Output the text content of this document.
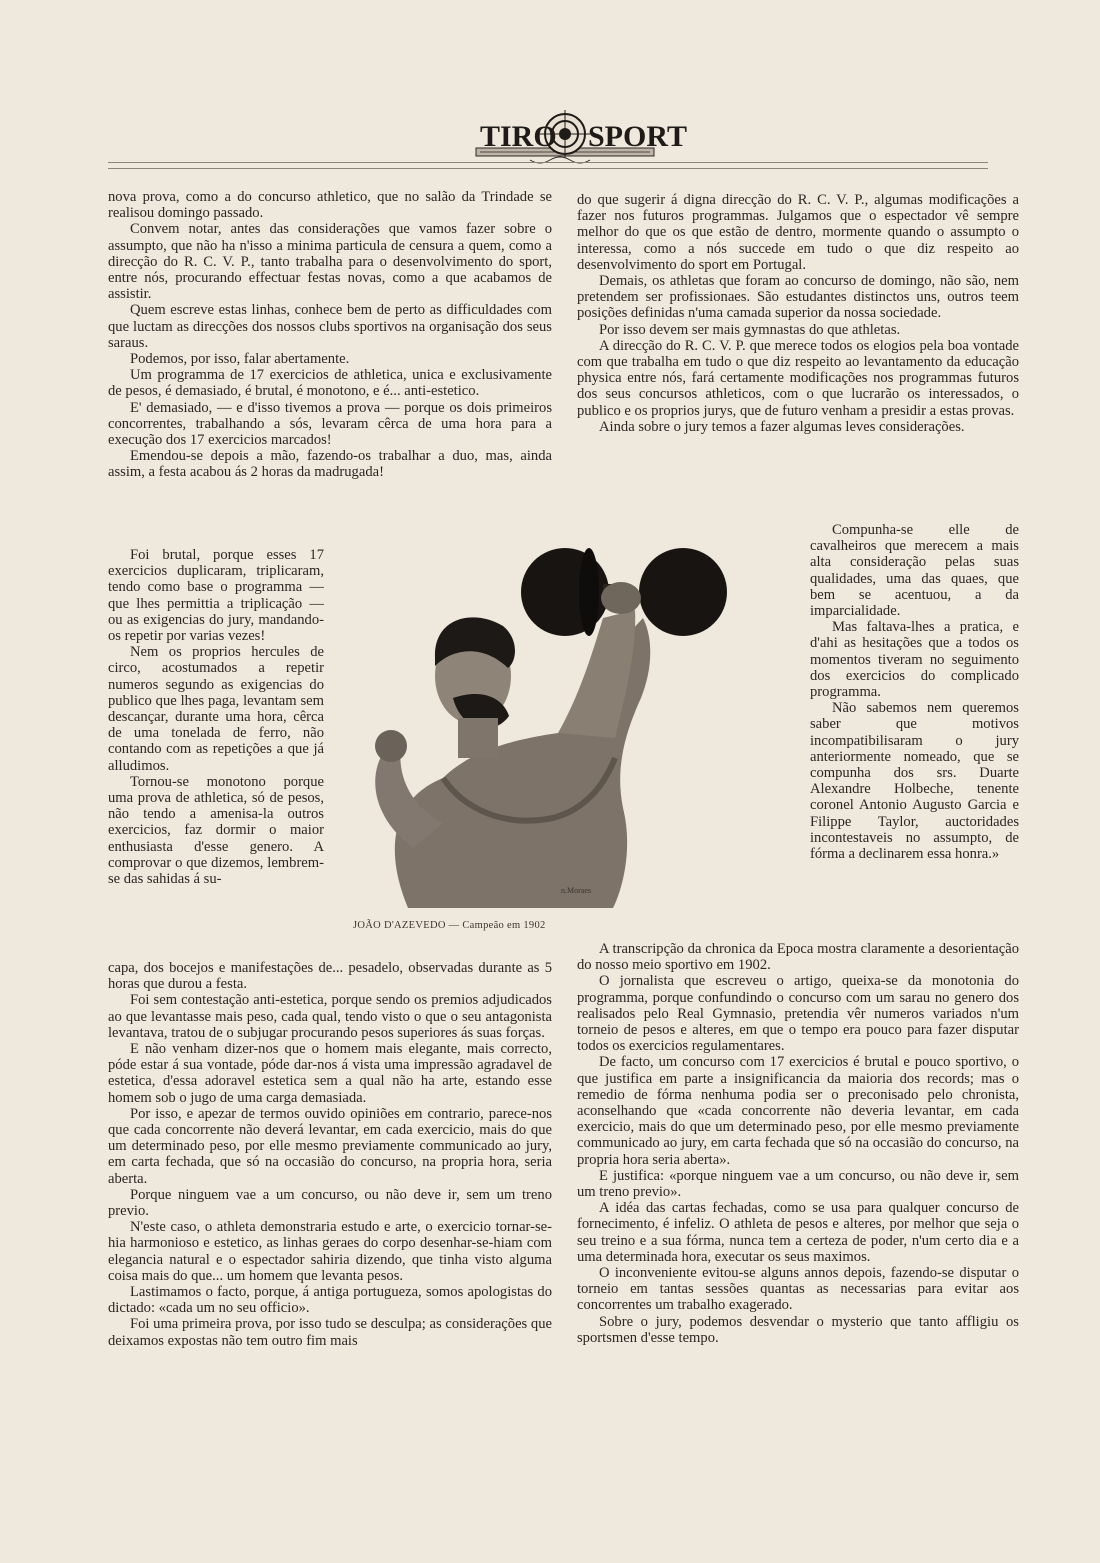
TIRO SPORT

nova prova, como a do concurso athletico, que no salão da Trindade se realisou domingo passado.

Convem notar, antes das considerações que vamos fazer sobre o assumpto, que não ha n'isso a minima particula de censura a quem, como a direcção do R. C. V. P., tanto trabalha para o desenvolvimento do sport, entre nós, procurando effectuar festas novas, como a que acabamos de assistir.

Quem escreve estas linhas, conhece bem de perto as difficuldades com que luctam as direcções dos nossos clubs sportivos na organisação dos seus saraus.

Podemos, por isso, falar abertamente.

Um programma de 17 exercicios de athletica, unica e exclusivamente de pesos, é demasiado, é brutal, é monotono, e é... anti-estetico.

E' demasiado, — e d'isso tivemos a prova — porque os dois primeiros concorrentes, trabalhando a sós, levaram cêrca de uma hora para a execução dos 17 exercicios marcados!

Emendou-se depois a mão, fazendo-os trabalhar a duo, mas, ainda assim, a festa acabou ás 2 horas da madrugada!

Foi brutal, porque esses 17 exercicios duplicaram, triplicaram, tendo como base o programma — que lhes permittia a triplicação — ou as exigencias do jury, mandando-os repetir por varias vezes!

Nem os proprios hercules de circo, acostumados a repetir numeros segundo as exigencias do publico que lhes paga, levantam sem descançar, durante uma hora, cêrca de uma tonelada de ferro, não contando com as repetições a que já alludimos.

Tornou-se monotono porque uma prova de athletica, só de pesos, não tendo a amenisa-la outros exercicios, faz dormir o maior enthusiasta d'esse genero. A comprovar o que dizemos, lembrem-se das sahidas á su-

n.Moraes
JOÃO D'AZEVEDO — Campeão em 1902

capa, dos bocejos e manifestações de... pesadelo, observadas durante as 5 horas que durou a festa.

Foi sem contestação anti-estetica, porque sendo os premios adjudicados ao que levantasse mais peso, cada qual, tendo visto o que o seu antagonista levantava, tratou de o subjugar procurando pesos superiores ás suas forças.

E não venham dizer-nos que o homem mais elegante, mais correcto, póde estar á sua vontade, póde dar-nos á vista uma impressão agradavel de estetica, d'essa adoravel estetica sem a qual não ha arte, estando esse homem sob o jugo de uma carga demasiada.

Por isso, e apezar de termos ouvido opiniões em contrario, parece-nos que cada concorrente não deverá levantar, em cada exercicio, mais do que um determinado peso, por elle mesmo previamente communicado ao jury, em carta fechada, que só na occasião do concurso, na propria hora, seria aberta.

Porque ninguem vae a um concurso, ou não deve ir, sem um treno previo.

N'este caso, o athleta demonstraria estudo e arte, o exercicio tornar-se-hia harmonioso e estetico, as linhas geraes do corpo desenhar-se-hiam com elegancia natural e o espectador sahiria dizendo, que tinha visto alguma coisa mais do que... um homem que levanta pesos.

Lastimamos o facto, porque, á antiga portugueza, somos apologistas do dictado: «cada um no seu officio».

Foi uma primeira prova, por isso tudo se desculpa; as considerações que deixamos expostas não tem outro fim mais

do que sugerir á digna direcção do R. C. V. P., algumas modificações a fazer nos futuros programmas. Julgamos que o espectador vê sempre melhor do que os que estão de dentro, mormente quando o assumpto o interessa, como a nós succede em tudo o que diz respeito ao desenvolvimento do sport em Portugal.

Demais, os athletas que foram ao concurso de domingo, não são, nem pretendem ser profissionaes. São estudantes distinctos uns, outros teem posições definidas n'uma camada superior da nossa sociedade.

Por isso devem ser mais gymnastas do que athletas.

A direcção do R. C. V. P. que merece todos os elogios pela boa vontade com que trabalha em tudo o que diz respeito ao levantamento da educação physica entre nós, fará certamente modificações nos programmas futuros dos seus concursos athleticos, com o que lucrarão os interessados, o publico e os proprios jurys, que de futuro venham a presidir a estas provas.

Ainda sobre o jury temos a fazer algumas leves considerações.

Compunha-se elle de cavalheiros que merecem a mais alta consideração pelas suas qualidades, uma das quaes, que bem se acentuou, a da imparcialidade.

Mas faltava-lhes a pratica, e d'ahi as hesitações que a todos os momentos tiveram no seguimento dos exercicios do complicado programma.

Não sabemos nem queremos saber que motivos incompatibilisaram o jury anteriormente nomeado, que se compunha dos srs. Duarte Alexandre Holbeche, tenente coronel Antonio Augusto Garcia e Filippe Taylor, auctoridades incontestaveis no assumpto, de fórma a declinarem essa honra.»

A transcripção da chronica da Epoca mostra claramente a desorientação do nosso meio sportivo em 1902.

O jornalista que escreveu o artigo, queixa-se da monotonia do programma, porque confundindo o concurso com um sarau no genero dos realisados pelo Real Gymnasio, pretendia vêr numeros variados n'um torneio de pesos e alteres, em que o tempo era pouco para fazer disputar todos os exercicios regulamentares.

De facto, um concurso com 17 exercicios é brutal e pouco sportivo, o que justifica em parte a insignificancia da maioria dos records; mas o remedio de fórma nenhuma podia ser o preconisado pelo chronista, aconselhando que «cada concorrente não deveria levantar, em cada exercicio, mais do que um determinado peso, por elle mesmo previamente communicado ao jury, em carta fechada que só na occasião do concurso, na propria hora seria aberta».

E justifica: «porque ninguem vae a um concurso, ou não deve ir, sem um treno previo».

A idéa das cartas fechadas, como se usa para qualquer concurso de fornecimento, é infeliz. O athleta de pesos e alteres, por melhor que seja o seu treino e a sua fórma, nunca tem a certeza de poder, n'um certo dia e a uma determinada hora, executar os seus maximos.

O inconveniente evitou-se alguns annos depois, fazendo-se disputar o torneio em tantas sessões quantas as necessarias para evitar aos concorrentes um trabalho exagerado.

Sobre o jury, podemos desvendar o mysterio que tanto affligiu os sportsmen d'esse tempo.
